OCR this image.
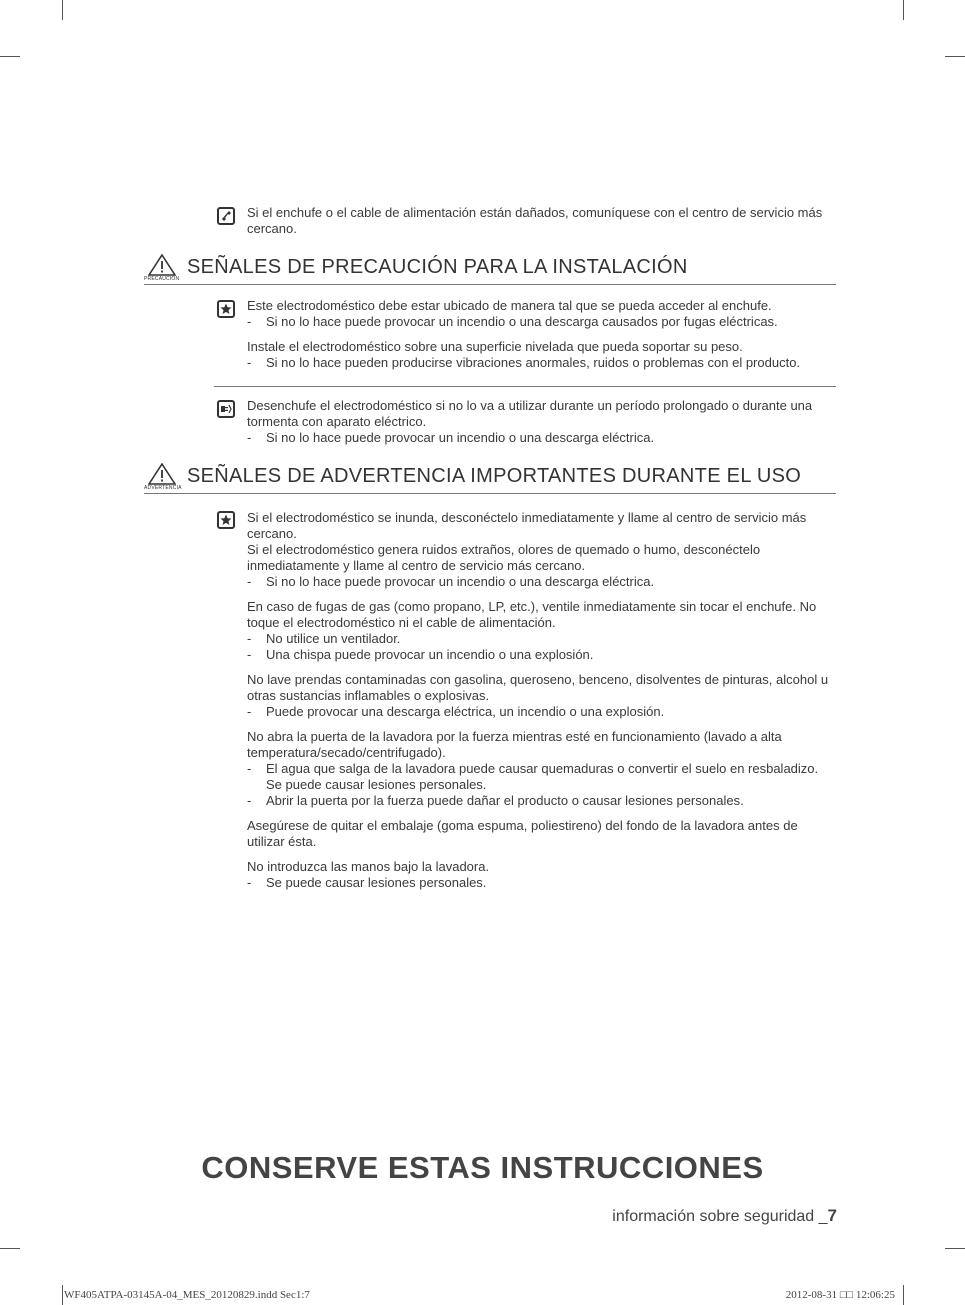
Si el enchufe o el cable de alimentación están dañados, comuníquese con el centro de servicio más cercano.

PRECAUCIÓN
SEÑALES DE PRECAUCIÓN PARA LA INSTALACIÓN

Este electrodoméstico debe estar ubicado de manera tal que se pueda acceder al enchufe.

- Si no lo hace puede provocar un incendio o una descarga causados por fugas eléctricas.

Instale el electrodoméstico sobre una superficie nivelada que pueda soportar su peso.

- Si no lo hace pueden producirse vibraciones anormales, ruidos o problemas con el producto.

Desenchufe el electrodoméstico si no lo va a utilizar durante un período prolongado o durante una tormenta con aparato eléctrico.

- Si no lo hace puede provocar un incendio o una descarga eléctrica.

ADVERTENCIA
SEÑALES DE ADVERTENCIA IMPORTANTES DURANTE EL USO

Si el electrodoméstico se inunda, desconéctelo inmediatamente y llame al centro de servicio más cercano.

Si el electrodoméstico genera ruidos extraños, olores de quemado o humo, desconéctelo inmediatamente y llame al centro de servicio más cercano.

- Si no lo hace puede provocar un incendio o una descarga eléctrica.

En caso de fugas de gas (como propano, LP, etc.), ventile inmediatamente sin tocar el enchufe. No toque el electrodoméstico ni el cable de alimentación.

- No utilice un ventilador.

- Una chispa puede provocar un incendio o una explosión.

No lave prendas contaminadas con gasolina, queroseno, benceno, disolventes de pinturas, alcohol u otras sustancias inflamables o explosivas.

- Puede provocar una descarga eléctrica, un incendio o una explosión.

No abra la puerta de la lavadora por la fuerza mientras esté en funcionamiento (lavado a alta temperatura/secado/centrifugado).

- El agua que salga de la lavadora puede causar quemaduras o convertir el suelo en resbaladizo. Se puede causar lesiones personales.

- Abrir la puerta por la fuerza puede dañar el producto o causar lesiones personales.

Asegúrese de quitar el embalaje (goma espuma, poliestireno) del fondo de la lavadora antes de utilizar ésta.

No introduzca las manos bajo la lavadora.

- Se puede causar lesiones personales.

CONSERVE ESTAS INSTRUCCIONES
información sobre seguridad _7
WF405ATPA-03145A-04_MES_20120829.indd Sec1:7	2012-08-31 □□ 12:06:25
